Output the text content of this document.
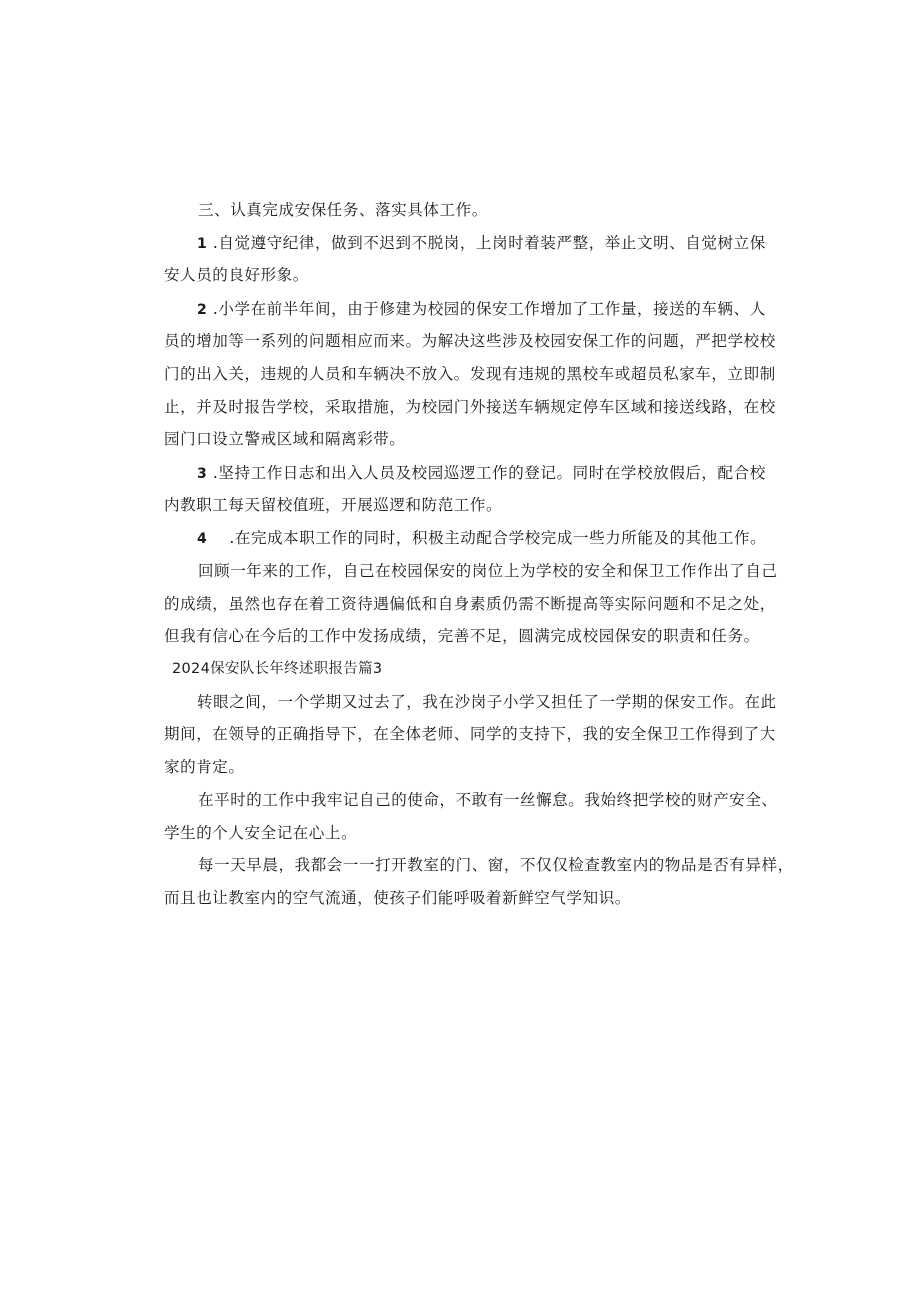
三、认真完成安保任务、落实具体工作。
1 .自觉遵守纪律，做到不迟到不脱岗，上岗时着装严整，举止文明、自觉树立保
安人员的良好形象。
2 .小学在前半年间，由于修建为校园的保安工作增加了工作量，接送的车辆、人
员的增加等一系列的问题相应而来。为解决这些涉及校园安保工作的问题，严把学校校
门的出入关，违规的人员和车辆决不放入。发现有违规的黑校车或超员私家车，立即制
止，并及时报告学校，采取措施，为校园门外接送车辆规定停车区域和接送线路，在校
园门口设立警戒区域和隔离彩带。
3 .坚持工作日志和出入人员及校园巡逻工作的登记。同时在学校放假后，配合校
内教职工每天留校值班，开展巡逻和防范工作。
4 .在完成本职工作的同时，积极主动配合学校完成一些力所能及的其他工作。
回顾一年来的工作，自己在校园保安的岗位上为学校的安全和保卫工作作出了自己
的成绩，虽然也存在着工资待遇偏低和自身素质仍需不断提高等实际问题和不足之处，
但我有信心在今后的工作中发扬成绩，完善不足，圆满完成校园保安的职责和任务。
2024保安队长年终述职报告篇3
转眼之间，一个学期又过去了，我在沙岗子小学又担任了一学期的保安工作。在此
期间，在领导的正确指导下，在全体老师、同学的支持下，我的安全保卫工作得到了大
家的肯定。
在平时的工作中我牢记自己的使命，不敢有一丝懈怠。我始终把学校的财产安全、
学生的个人安全记在心上。
每一天早晨，我都会一一打开教室的门、窗，不仅仅检查教室内的物品是否有异样，
而且也让教室内的空气流通，使孩子们能呼吸着新鲜空气学知识。
